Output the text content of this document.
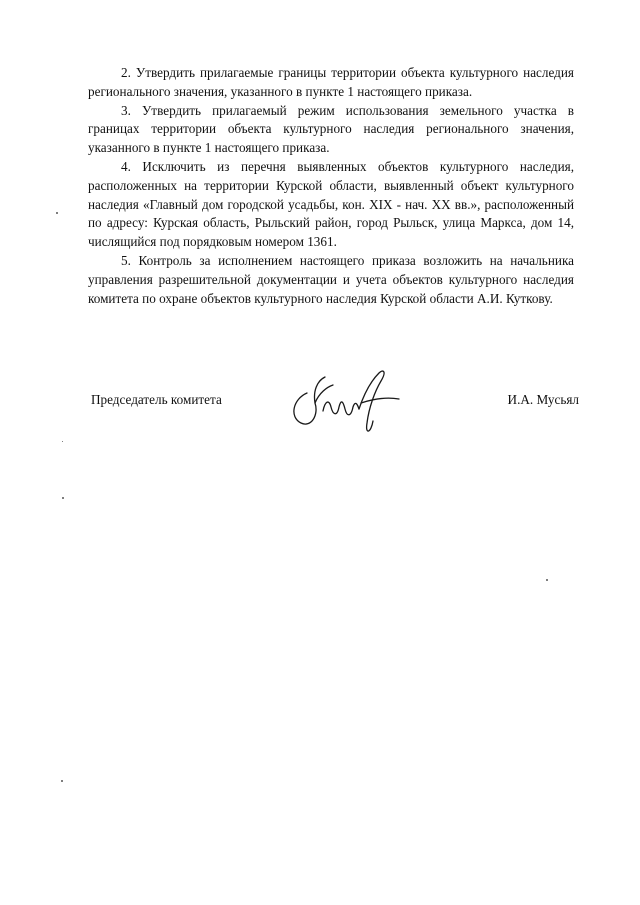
2. Утвердить прилагаемые границы территории объекта культурного наследия регионального значения, указанного в пункте 1 настоящего приказа.

3. Утвердить прилагаемый режим использования земельного участка в границах территории объекта культурного наследия регионального значения, указанного в пункте 1 настоящего приказа.

4. Исключить из перечня выявленных объектов культурного наследия, расположенных на территории Курской области, выявленный объект культурного наследия «Главный дом городской усадьбы, кон. XIX - нач. XX вв.», расположенный по адресу: Курская область, Рыльский район, город Рыльск, улица Маркса, дом 14, числящийся под порядковым номером 1361.

5. Контроль за исполнением настоящего приказа возложить на начальника управления разрешительной документации и учета объектов культурного наследия комитета по охране объектов культурного наследия Курской области А.И. Куткову.

Председатель комитета	И.А. Мусьял
